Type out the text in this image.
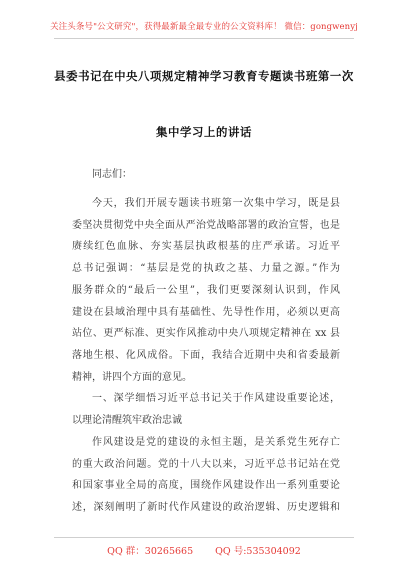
关注头条号"公文研究"，获得最新最全最专业的公文资料库！ 微信：gongwenyj
县委书记在中央八项规定精神学习教育专题读书班第一次
集中学习上的讲话
同志们：
今天，我们开展专题读书班第一次集中学习，既是县
委坚决贯彻党中央全面从严治党战略部署的政治宣誓，也是
赓续红色血脉、夯实基层执政根基的庄严承诺。习近平
总书记强调：“基层是党的执政之基、力量之源。”作为
服务群众的“最后一公里”，我们更要深刻认识到，作风
建设在县域治理中具有基础性、先导性作用，必须以更高
站位、更严标准、更实作风推动中央八项规定精神在 xx 县
落地生根、化风成俗。下面，我结合近期中央和省委最新
精神，讲四个方面的意见。
一、深学细悟习近平总书记关于作风建设重要论述，
以理论清醒筑牢政治忠诚
作风建设是党的建设的永恒主题，是关系党生死存亡
的重大政治问题。党的十八大以来，习近平总书记站在党
和国家事业全局的高度，围绕作风建设作出一系列重要论
述，深刻阐明了新时代作风建设的政治逻辑、历史逻辑和
QQ 群：30265665 QQ 号:535304092
